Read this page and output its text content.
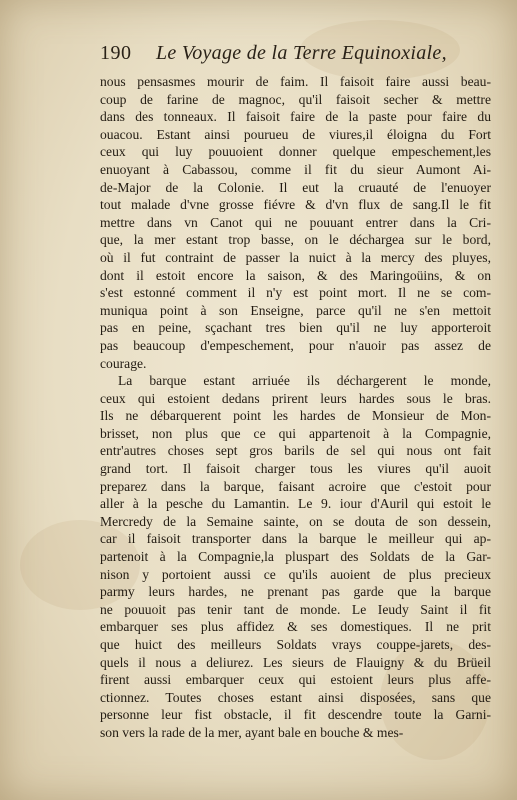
190 Le Voyage de la Terre Equinoxiale,
nous pensasmes mourir de faim. Il faisoit faire aussi beau-
coup de farine de magnoc, qu'il faisoit secher & mettre
dans des tonneaux. Il faisoit faire de la paste pour faire du
ouacou. Estant ainsi pourueu de viures,il éloigna du Fort
ceux qui luy pouuoient donner quelque empeschement,les
enuoyant à Cabassou, comme il fit du sieur Aumont Ai-
de-Major de la Colonie. Il eut la cruauté de l'enuoyer
tout malade d'vne grosse fiévre & d'vn flux de sang.Il le fit
mettre dans vn Canot qui ne pouuant entrer dans la Cri-
que, la mer estant trop basse, on le déchargea sur le bord,
où il fut contraint de passer la nuict à la mercy des pluyes,
dont il estoit encore la saison, & des Maringoüins, & on
s'est estonné comment il n'y est point mort. Il ne se com-
muniqua point à son Enseigne, parce qu'il ne s'en mettoit
pas en peine, sçachant tres bien qu'il ne luy apporteroit
pas beaucoup d'empeschement, pour n'auoir pas assez de
courage.
La barque estant arriuée ils déchargerent le monde,
ceux qui estoient dedans prirent leurs hardes sous le bras.
Ils ne débarquerent point les hardes de Monsieur de Mon-
brisset, non plus que ce qui appartenoit à la Compagnie,
entr'autres choses sept gros barils de sel qui nous ont fait
grand tort. Il faisoit charger tous les viures qu'il auoit
preparez dans la barque, faisant acroire que c'estoit pour
aller à la pesche du Lamantin. Le 9. iour d'Auril qui estoit le
Mercredy de la Semaine sainte, on se douta de son dessein,
car il faisoit transporter dans la barque le meilleur qui ap-
partenoit à la Compagnie,la pluspart des Soldats de la Gar-
nison y portoient aussi ce qu'ils auoient de plus precieux
parmy leurs hardes, ne prenant pas garde que la barque
ne pouuoit pas tenir tant de monde. Le Ieudy Saint il fit
embarquer ses plus affidez & ses domestiques. Il ne prit
que huict des meilleurs Soldats vrays couppe-jarets, des-
quels il nous a deliurez. Les sieurs de Flauigny & du Brüeil
firent aussi embarquer ceux qui estoient leurs plus affe-
ctionnez. Toutes choses estant ainsi disposées, sans que
personne leur fist obstacle, il fit descendre toute la Garni-
son vers la rade de la mer, ayant bale en bouche & mes-
